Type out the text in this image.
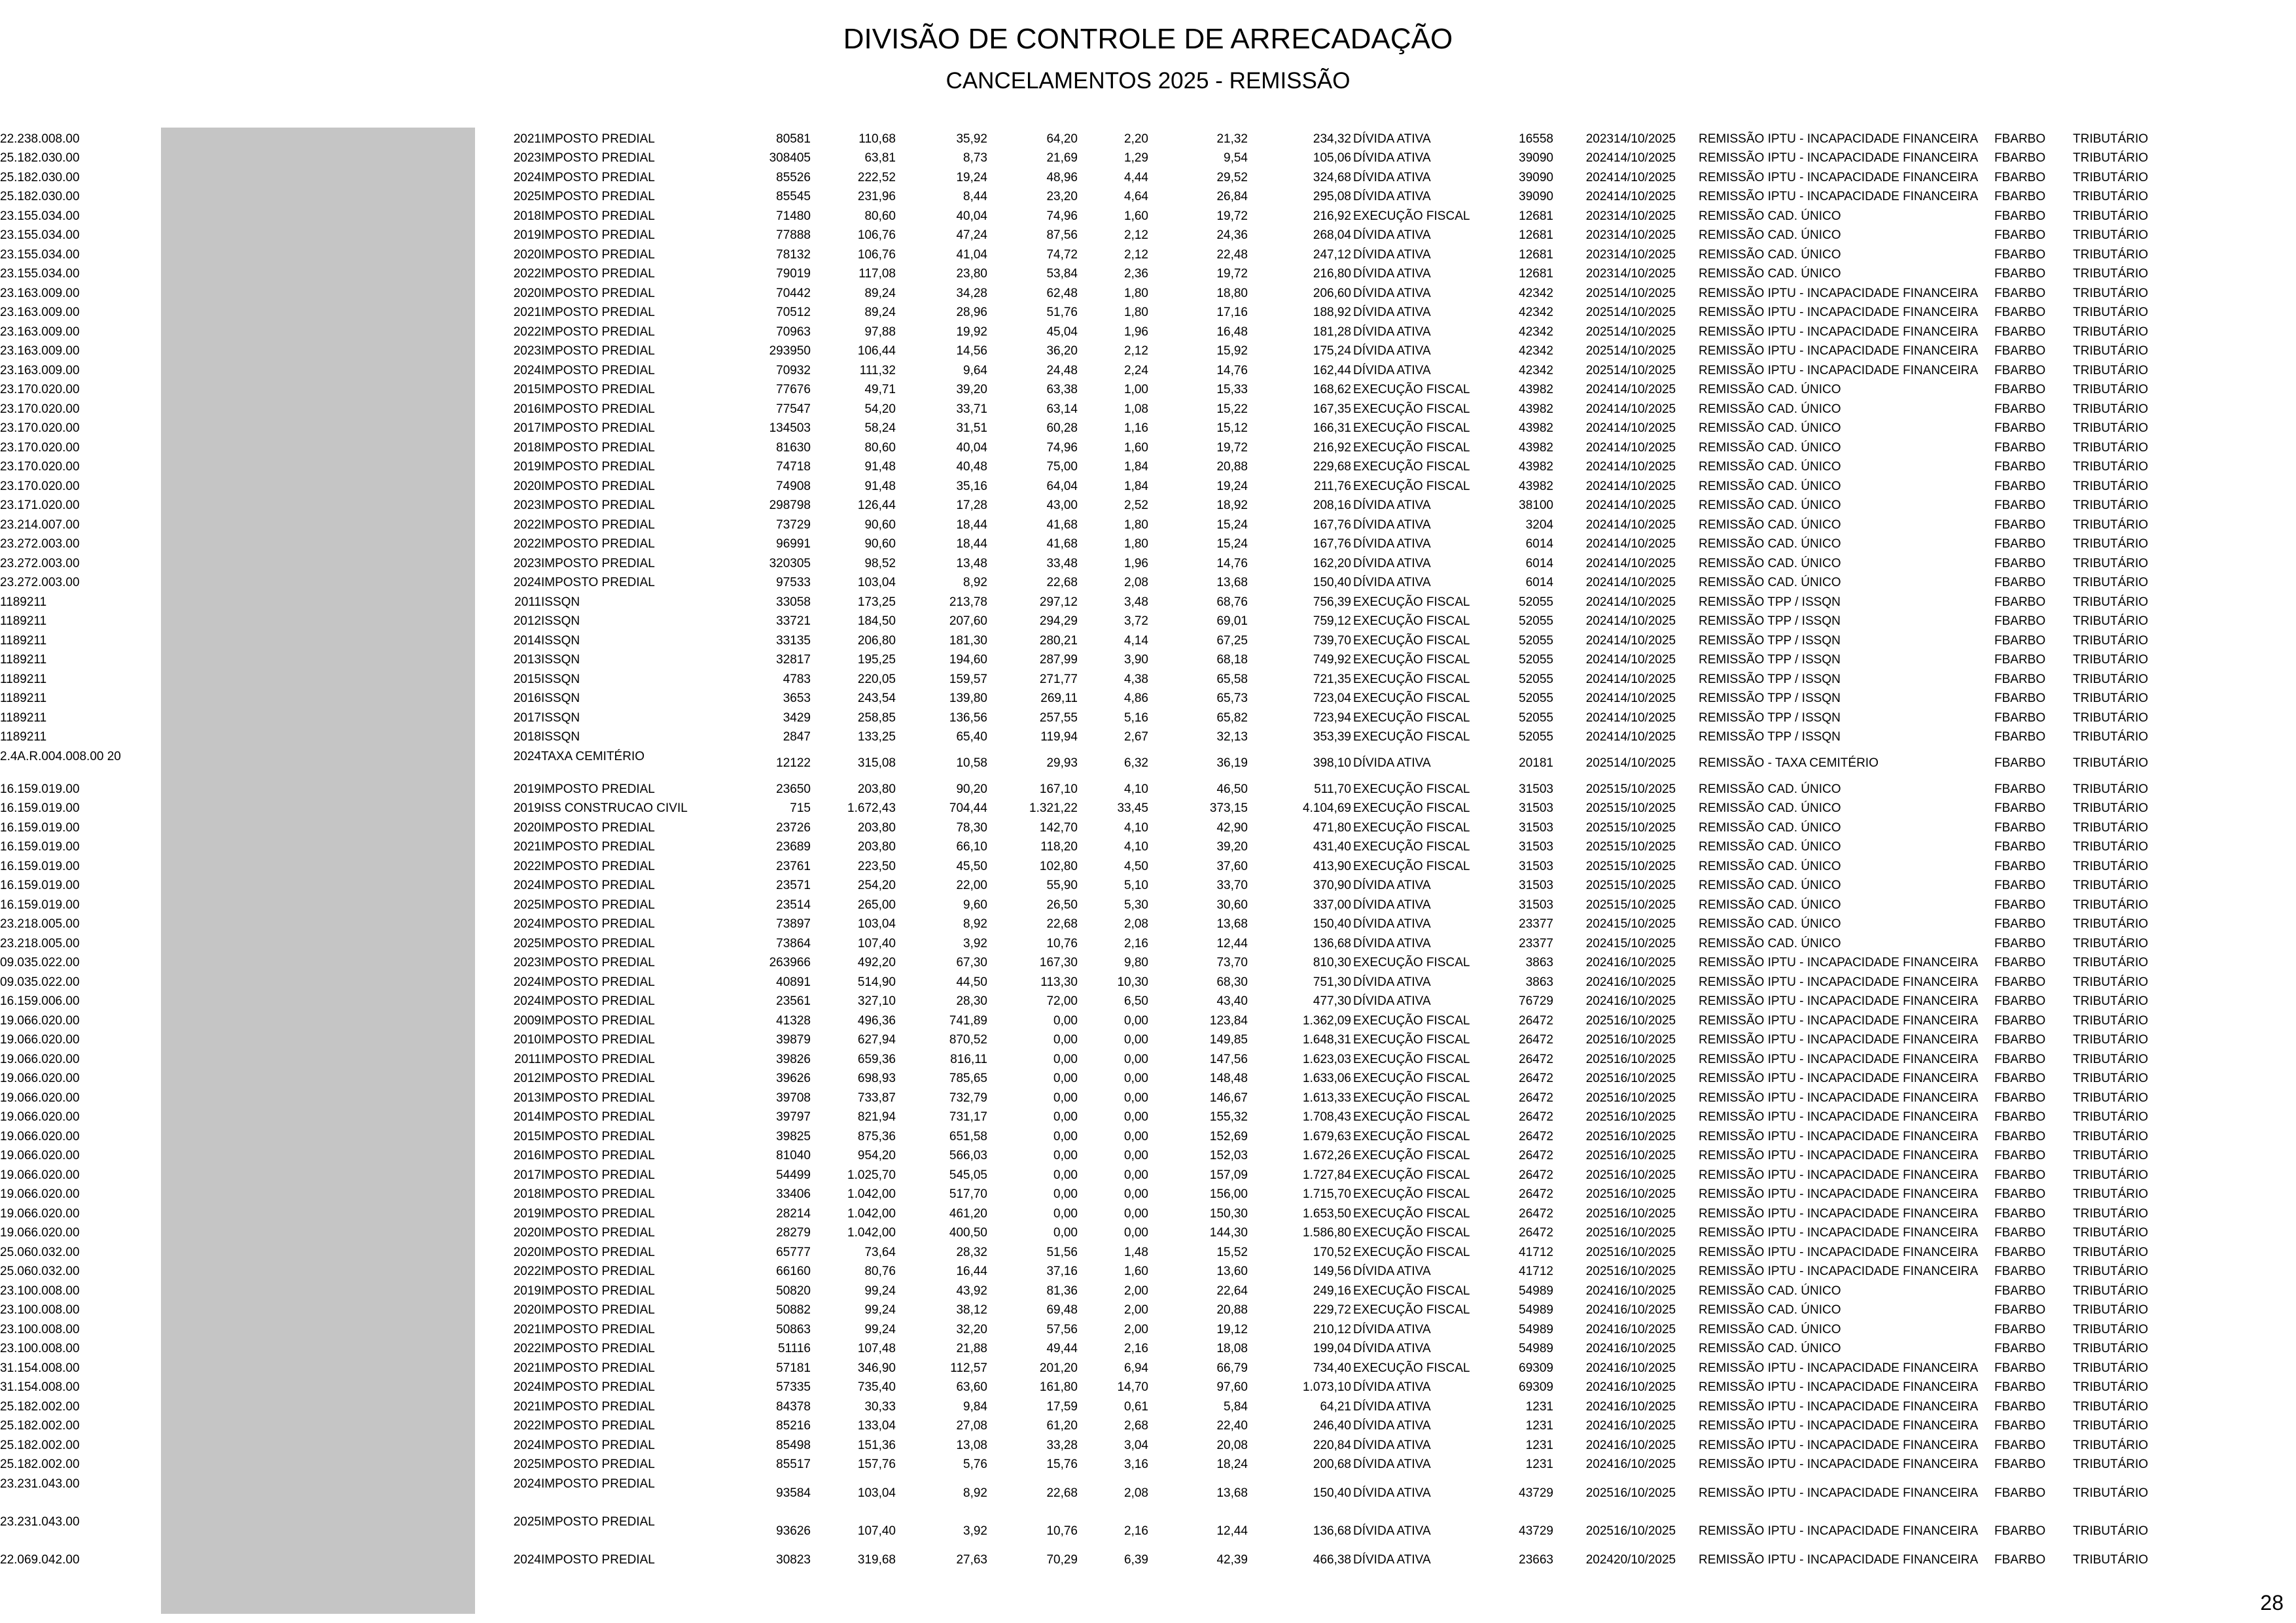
DIVISÃO DE CONTROLE DE ARRECADAÇÃO
CANCELAMENTOS 2025 - REMISSÃO
22.238.008.00		2021	IMPOSTO PREDIAL	80581	110,68	35,92	64,20	2,20	21,32	234,32	DÍVIDA ATIVA	16558	2023	14/10/2025	REMISSÃO IPTU - INCAPACIDADE FINANCEIRA	FBARBO	TRIBUTÁRIO
25.182.030.00		2023	IMPOSTO PREDIAL	308405	63,81	8,73	21,69	1,29	9,54	105,06	DÍVIDA ATIVA	39090	2024	14/10/2025	REMISSÃO IPTU - INCAPACIDADE FINANCEIRA	FBARBO	TRIBUTÁRIO
25.182.030.00		2024	IMPOSTO PREDIAL	85526	222,52	19,24	48,96	4,44	29,52	324,68	DÍVIDA ATIVA	39090	2024	14/10/2025	REMISSÃO IPTU - INCAPACIDADE FINANCEIRA	FBARBO	TRIBUTÁRIO
25.182.030.00		2025	IMPOSTO PREDIAL	85545	231,96	8,44	23,20	4,64	26,84	295,08	DÍVIDA ATIVA	39090	2024	14/10/2025	REMISSÃO IPTU - INCAPACIDADE FINANCEIRA	FBARBO	TRIBUTÁRIO
23.155.034.00		2018	IMPOSTO PREDIAL	71480	80,60	40,04	74,96	1,60	19,72	216,92	EXECUÇÃO FISCAL	12681	2023	14/10/2025	REMISSÃO CAD. ÚNICO	FBARBO	TRIBUTÁRIO
23.155.034.00		2019	IMPOSTO PREDIAL	77888	106,76	47,24	87,56	2,12	24,36	268,04	DÍVIDA ATIVA	12681	2023	14/10/2025	REMISSÃO CAD. ÚNICO	FBARBO	TRIBUTÁRIO
23.155.034.00		2020	IMPOSTO PREDIAL	78132	106,76	41,04	74,72	2,12	22,48	247,12	DÍVIDA ATIVA	12681	2023	14/10/2025	REMISSÃO CAD. ÚNICO	FBARBO	TRIBUTÁRIO
23.155.034.00		2022	IMPOSTO PREDIAL	79019	117,08	23,80	53,84	2,36	19,72	216,80	DÍVIDA ATIVA	12681	2023	14/10/2025	REMISSÃO CAD. ÚNICO	FBARBO	TRIBUTÁRIO
23.163.009.00		2020	IMPOSTO PREDIAL	70442	89,24	34,28	62,48	1,80	18,80	206,60	DÍVIDA ATIVA	42342	2025	14/10/2025	REMISSÃO IPTU - INCAPACIDADE FINANCEIRA	FBARBO	TRIBUTÁRIO
23.163.009.00		2021	IMPOSTO PREDIAL	70512	89,24	28,96	51,76	1,80	17,16	188,92	DÍVIDA ATIVA	42342	2025	14/10/2025	REMISSÃO IPTU - INCAPACIDADE FINANCEIRA	FBARBO	TRIBUTÁRIO
23.163.009.00		2022	IMPOSTO PREDIAL	70963	97,88	19,92	45,04	1,96	16,48	181,28	DÍVIDA ATIVA	42342	2025	14/10/2025	REMISSÃO IPTU - INCAPACIDADE FINANCEIRA	FBARBO	TRIBUTÁRIO
23.163.009.00		2023	IMPOSTO PREDIAL	293950	106,44	14,56	36,20	2,12	15,92	175,24	DÍVIDA ATIVA	42342	2025	14/10/2025	REMISSÃO IPTU - INCAPACIDADE FINANCEIRA	FBARBO	TRIBUTÁRIO
23.163.009.00		2024	IMPOSTO PREDIAL	70932	111,32	9,64	24,48	2,24	14,76	162,44	DÍVIDA ATIVA	42342	2025	14/10/2025	REMISSÃO IPTU - INCAPACIDADE FINANCEIRA	FBARBO	TRIBUTÁRIO
23.170.020.00		2015	IMPOSTO PREDIAL	77676	49,71	39,20	63,38	1,00	15,33	168,62	EXECUÇÃO FISCAL	43982	2024	14/10/2025	REMISSÃO CAD. ÚNICO	FBARBO	TRIBUTÁRIO
23.170.020.00		2016	IMPOSTO PREDIAL	77547	54,20	33,71	63,14	1,08	15,22	167,35	EXECUÇÃO FISCAL	43982	2024	14/10/2025	REMISSÃO CAD. ÚNICO	FBARBO	TRIBUTÁRIO
23.170.020.00		2017	IMPOSTO PREDIAL	134503	58,24	31,51	60,28	1,16	15,12	166,31	EXECUÇÃO FISCAL	43982	2024	14/10/2025	REMISSÃO CAD. ÚNICO	FBARBO	TRIBUTÁRIO
23.170.020.00		2018	IMPOSTO PREDIAL	81630	80,60	40,04	74,96	1,60	19,72	216,92	EXECUÇÃO FISCAL	43982	2024	14/10/2025	REMISSÃO CAD. ÚNICO	FBARBO	TRIBUTÁRIO
23.170.020.00		2019	IMPOSTO PREDIAL	74718	91,48	40,48	75,00	1,84	20,88	229,68	EXECUÇÃO FISCAL	43982	2024	14/10/2025	REMISSÃO CAD. ÚNICO	FBARBO	TRIBUTÁRIO
23.170.020.00		2020	IMPOSTO PREDIAL	74908	91,48	35,16	64,04	1,84	19,24	211,76	EXECUÇÃO FISCAL	43982	2024	14/10/2025	REMISSÃO CAD. ÚNICO	FBARBO	TRIBUTÁRIO
23.171.020.00		2023	IMPOSTO PREDIAL	298798	126,44	17,28	43,00	2,52	18,92	208,16	DÍVIDA ATIVA	38100	2024	14/10/2025	REMISSÃO CAD. ÚNICO	FBARBO	TRIBUTÁRIO
23.214.007.00		2022	IMPOSTO PREDIAL	73729	90,60	18,44	41,68	1,80	15,24	167,76	DÍVIDA ATIVA	3204	2024	14/10/2025	REMISSÃO CAD. ÚNICO	FBARBO	TRIBUTÁRIO
23.272.003.00		2022	IMPOSTO PREDIAL	96991	90,60	18,44	41,68	1,80	15,24	167,76	DÍVIDA ATIVA	6014	2024	14/10/2025	REMISSÃO CAD. ÚNICO	FBARBO	TRIBUTÁRIO
23.272.003.00		2023	IMPOSTO PREDIAL	320305	98,52	13,48	33,48	1,96	14,76	162,20	DÍVIDA ATIVA	6014	2024	14/10/2025	REMISSÃO CAD. ÚNICO	FBARBO	TRIBUTÁRIO
23.272.003.00		2024	IMPOSTO PREDIAL	97533	103,04	8,92	22,68	2,08	13,68	150,40	DÍVIDA ATIVA	6014	2024	14/10/2025	REMISSÃO CAD. ÚNICO	FBARBO	TRIBUTÁRIO
1189211		2011	ISSQN	33058	173,25	213,78	297,12	3,48	68,76	756,39	EXECUÇÃO FISCAL	52055	2024	14/10/2025	REMISSÃO TPP / ISSQN	FBARBO	TRIBUTÁRIO
1189211		2012	ISSQN	33721	184,50	207,60	294,29	3,72	69,01	759,12	EXECUÇÃO FISCAL	52055	2024	14/10/2025	REMISSÃO TPP / ISSQN	FBARBO	TRIBUTÁRIO
1189211		2014	ISSQN	33135	206,80	181,30	280,21	4,14	67,25	739,70	EXECUÇÃO FISCAL	52055	2024	14/10/2025	REMISSÃO TPP / ISSQN	FBARBO	TRIBUTÁRIO
1189211		2013	ISSQN	32817	195,25	194,60	287,99	3,90	68,18	749,92	EXECUÇÃO FISCAL	52055	2024	14/10/2025	REMISSÃO TPP / ISSQN	FBARBO	TRIBUTÁRIO
1189211		2015	ISSQN	4783	220,05	159,57	271,77	4,38	65,58	721,35	EXECUÇÃO FISCAL	52055	2024	14/10/2025	REMISSÃO TPP / ISSQN	FBARBO	TRIBUTÁRIO
1189211		2016	ISSQN	3653	243,54	139,80	269,11	4,86	65,73	723,04	EXECUÇÃO FISCAL	52055	2024	14/10/2025	REMISSÃO TPP / ISSQN	FBARBO	TRIBUTÁRIO
1189211		2017	ISSQN	3429	258,85	136,56	257,55	5,16	65,82	723,94	EXECUÇÃO FISCAL	52055	2024	14/10/2025	REMISSÃO TPP / ISSQN	FBARBO	TRIBUTÁRIO
1189211		2018	ISSQN	2847	133,25	65,40	119,94	2,67	32,13	353,39	EXECUÇÃO FISCAL	52055	2024	14/10/2025	REMISSÃO TPP / ISSQN	FBARBO	TRIBUTÁRIO
2.4A.R.004.008.00 20		2024	TAXA CEMITÉRIO	12122	315,08	10,58	29,93	6,32	36,19	398,10	DÍVIDA ATIVA	20181	2025	14/10/2025	REMISSÃO - TAXA CEMITÉRIO	FBARBO	TRIBUTÁRIO
16.159.019.00		2019	IMPOSTO PREDIAL	23650	203,80	90,20	167,10	4,10	46,50	511,70	EXECUÇÃO FISCAL	31503	2025	15/10/2025	REMISSÃO CAD. ÚNICO	FBARBO	TRIBUTÁRIO
16.159.019.00		2019	ISS CONSTRUCAO CIVIL	715	1.672,43	704,44	1.321,22	33,45	373,15	4.104,69	EXECUÇÃO FISCAL	31503	2025	15/10/2025	REMISSÃO CAD. ÚNICO	FBARBO	TRIBUTÁRIO
16.159.019.00		2020	IMPOSTO PREDIAL	23726	203,80	78,30	142,70	4,10	42,90	471,80	EXECUÇÃO FISCAL	31503	2025	15/10/2025	REMISSÃO CAD. ÚNICO	FBARBO	TRIBUTÁRIO
16.159.019.00		2021	IMPOSTO PREDIAL	23689	203,80	66,10	118,20	4,10	39,20	431,40	EXECUÇÃO FISCAL	31503	2025	15/10/2025	REMISSÃO CAD. ÚNICO	FBARBO	TRIBUTÁRIO
16.159.019.00		2022	IMPOSTO PREDIAL	23761	223,50	45,50	102,80	4,50	37,60	413,90	EXECUÇÃO FISCAL	31503	2025	15/10/2025	REMISSÃO CAD. ÚNICO	FBARBO	TRIBUTÁRIO
16.159.019.00		2024	IMPOSTO PREDIAL	23571	254,20	22,00	55,90	5,10	33,70	370,90	DÍVIDA ATIVA	31503	2025	15/10/2025	REMISSÃO CAD. ÚNICO	FBARBO	TRIBUTÁRIO
16.159.019.00		2025	IMPOSTO PREDIAL	23514	265,00	9,60	26,50	5,30	30,60	337,00	DÍVIDA ATIVA	31503	2025	15/10/2025	REMISSÃO CAD. ÚNICO	FBARBO	TRIBUTÁRIO
23.218.005.00		2024	IMPOSTO PREDIAL	73897	103,04	8,92	22,68	2,08	13,68	150,40	DÍVIDA ATIVA	23377	2024	15/10/2025	REMISSÃO CAD. ÚNICO	FBARBO	TRIBUTÁRIO
23.218.005.00		2025	IMPOSTO PREDIAL	73864	107,40	3,92	10,76	2,16	12,44	136,68	DÍVIDA ATIVA	23377	2024	15/10/2025	REMISSÃO CAD. ÚNICO	FBARBO	TRIBUTÁRIO
09.035.022.00		2023	IMPOSTO PREDIAL	263966	492,20	67,30	167,30	9,80	73,70	810,30	EXECUÇÃO FISCAL	3863	2024	16/10/2025	REMISSÃO IPTU - INCAPACIDADE FINANCEIRA	FBARBO	TRIBUTÁRIO
09.035.022.00		2024	IMPOSTO PREDIAL	40891	514,90	44,50	113,30	10,30	68,30	751,30	DÍVIDA ATIVA	3863	2024	16/10/2025	REMISSÃO IPTU - INCAPACIDADE FINANCEIRA	FBARBO	TRIBUTÁRIO
16.159.006.00		2024	IMPOSTO PREDIAL	23561	327,10	28,30	72,00	6,50	43,40	477,30	DÍVIDA ATIVA	76729	2024	16/10/2025	REMISSÃO IPTU - INCAPACIDADE FINANCEIRA	FBARBO	TRIBUTÁRIO
19.066.020.00		2009	IMPOSTO PREDIAL	41328	496,36	741,89	0,00	0,00	123,84	1.362,09	EXECUÇÃO FISCAL	26472	2025	16/10/2025	REMISSÃO IPTU - INCAPACIDADE FINANCEIRA	FBARBO	TRIBUTÁRIO
19.066.020.00		2010	IMPOSTO PREDIAL	39879	627,94	870,52	0,00	0,00	149,85	1.648,31	EXECUÇÃO FISCAL	26472	2025	16/10/2025	REMISSÃO IPTU - INCAPACIDADE FINANCEIRA	FBARBO	TRIBUTÁRIO
19.066.020.00		2011	IMPOSTO PREDIAL	39826	659,36	816,11	0,00	0,00	147,56	1.623,03	EXECUÇÃO FISCAL	26472	2025	16/10/2025	REMISSÃO IPTU - INCAPACIDADE FINANCEIRA	FBARBO	TRIBUTÁRIO
19.066.020.00		2012	IMPOSTO PREDIAL	39626	698,93	785,65	0,00	0,00	148,48	1.633,06	EXECUÇÃO FISCAL	26472	2025	16/10/2025	REMISSÃO IPTU - INCAPACIDADE FINANCEIRA	FBARBO	TRIBUTÁRIO
19.066.020.00		2013	IMPOSTO PREDIAL	39708	733,87	732,79	0,00	0,00	146,67	1.613,33	EXECUÇÃO FISCAL	26472	2025	16/10/2025	REMISSÃO IPTU - INCAPACIDADE FINANCEIRA	FBARBO	TRIBUTÁRIO
19.066.020.00		2014	IMPOSTO PREDIAL	39797	821,94	731,17	0,00	0,00	155,32	1.708,43	EXECUÇÃO FISCAL	26472	2025	16/10/2025	REMISSÃO IPTU - INCAPACIDADE FINANCEIRA	FBARBO	TRIBUTÁRIO
19.066.020.00		2015	IMPOSTO PREDIAL	39825	875,36	651,58	0,00	0,00	152,69	1.679,63	EXECUÇÃO FISCAL	26472	2025	16/10/2025	REMISSÃO IPTU - INCAPACIDADE FINANCEIRA	FBARBO	TRIBUTÁRIO
19.066.020.00		2016	IMPOSTO PREDIAL	81040	954,20	566,03	0,00	0,00	152,03	1.672,26	EXECUÇÃO FISCAL	26472	2025	16/10/2025	REMISSÃO IPTU - INCAPACIDADE FINANCEIRA	FBARBO	TRIBUTÁRIO
19.066.020.00		2017	IMPOSTO PREDIAL	54499	1.025,70	545,05	0,00	0,00	157,09	1.727,84	EXECUÇÃO FISCAL	26472	2025	16/10/2025	REMISSÃO IPTU - INCAPACIDADE FINANCEIRA	FBARBO	TRIBUTÁRIO
19.066.020.00		2018	IMPOSTO PREDIAL	33406	1.042,00	517,70	0,00	0,00	156,00	1.715,70	EXECUÇÃO FISCAL	26472	2025	16/10/2025	REMISSÃO IPTU - INCAPACIDADE FINANCEIRA	FBARBO	TRIBUTÁRIO
19.066.020.00		2019	IMPOSTO PREDIAL	28214	1.042,00	461,20	0,00	0,00	150,30	1.653,50	EXECUÇÃO FISCAL	26472	2025	16/10/2025	REMISSÃO IPTU - INCAPACIDADE FINANCEIRA	FBARBO	TRIBUTÁRIO
19.066.020.00		2020	IMPOSTO PREDIAL	28279	1.042,00	400,50	0,00	0,00	144,30	1.586,80	EXECUÇÃO FISCAL	26472	2025	16/10/2025	REMISSÃO IPTU - INCAPACIDADE FINANCEIRA	FBARBO	TRIBUTÁRIO
25.060.032.00		2020	IMPOSTO PREDIAL	65777	73,64	28,32	51,56	1,48	15,52	170,52	EXECUÇÃO FISCAL	41712	2025	16/10/2025	REMISSÃO IPTU - INCAPACIDADE FINANCEIRA	FBARBO	TRIBUTÁRIO
25.060.032.00		2022	IMPOSTO PREDIAL	66160	80,76	16,44	37,16	1,60	13,60	149,56	DÍVIDA ATIVA	41712	2025	16/10/2025	REMISSÃO IPTU - INCAPACIDADE FINANCEIRA	FBARBO	TRIBUTÁRIO
23.100.008.00		2019	IMPOSTO PREDIAL	50820	99,24	43,92	81,36	2,00	22,64	249,16	EXECUÇÃO FISCAL	54989	2024	16/10/2025	REMISSÃO CAD. ÚNICO	FBARBO	TRIBUTÁRIO
23.100.008.00		2020	IMPOSTO PREDIAL	50882	99,24	38,12	69,48	2,00	20,88	229,72	EXECUÇÃO FISCAL	54989	2024	16/10/2025	REMISSÃO CAD. ÚNICO	FBARBO	TRIBUTÁRIO
23.100.008.00		2021	IMPOSTO PREDIAL	50863	99,24	32,20	57,56	2,00	19,12	210,12	DÍVIDA ATIVA	54989	2024	16/10/2025	REMISSÃO CAD. ÚNICO	FBARBO	TRIBUTÁRIO
23.100.008.00		2022	IMPOSTO PREDIAL	51116	107,48	21,88	49,44	2,16	18,08	199,04	DÍVIDA ATIVA	54989	2024	16/10/2025	REMISSÃO CAD. ÚNICO	FBARBO	TRIBUTÁRIO
31.154.008.00		2021	IMPOSTO PREDIAL	57181	346,90	112,57	201,20	6,94	66,79	734,40	EXECUÇÃO FISCAL	69309	2024	16/10/2025	REMISSÃO IPTU - INCAPACIDADE FINANCEIRA	FBARBO	TRIBUTÁRIO
31.154.008.00		2024	IMPOSTO PREDIAL	57335	735,40	63,60	161,80	14,70	97,60	1.073,10	DÍVIDA ATIVA	69309	2024	16/10/2025	REMISSÃO IPTU - INCAPACIDADE FINANCEIRA	FBARBO	TRIBUTÁRIO
25.182.002.00		2021	IMPOSTO PREDIAL	84378	30,33	9,84	17,59	0,61	5,84	64,21	DÍVIDA ATIVA	1231	2024	16/10/2025	REMISSÃO IPTU - INCAPACIDADE FINANCEIRA	FBARBO	TRIBUTÁRIO
25.182.002.00		2022	IMPOSTO PREDIAL	85216	133,04	27,08	61,20	2,68	22,40	246,40	DÍVIDA ATIVA	1231	2024	16/10/2025	REMISSÃO IPTU - INCAPACIDADE FINANCEIRA	FBARBO	TRIBUTÁRIO
25.182.002.00		2024	IMPOSTO PREDIAL	85498	151,36	13,08	33,28	3,04	20,08	220,84	DÍVIDA ATIVA	1231	2024	16/10/2025	REMISSÃO IPTU - INCAPACIDADE FINANCEIRA	FBARBO	TRIBUTÁRIO
25.182.002.00		2025	IMPOSTO PREDIAL	85517	157,76	5,76	15,76	3,16	18,24	200,68	DÍVIDA ATIVA	1231	2024	16/10/2025	REMISSÃO IPTU - INCAPACIDADE FINANCEIRA	FBARBO	TRIBUTÁRIO
23.231.043.00		2024	IMPOSTO PREDIAL	93584	103,04	8,92	22,68	2,08	13,68	150,40	DÍVIDA ATIVA	43729	2025	16/10/2025	REMISSÃO IPTU - INCAPACIDADE FINANCEIRA	FBARBO	TRIBUTÁRIO
23.231.043.00		2025	IMPOSTO PREDIAL	93626	107,40	3,92	10,76	2,16	12,44	136,68	DÍVIDA ATIVA	43729	2025	16/10/2025	REMISSÃO IPTU - INCAPACIDADE FINANCEIRA	FBARBO	TRIBUTÁRIO
22.069.042.00		2024	IMPOSTO PREDIAL	30823	319,68	27,63	70,29	6,39	42,39	466,38	DÍVIDA ATIVA	23663	2024	20/10/2025	REMISSÃO IPTU - INCAPACIDADE FINANCEIRA	FBARBO	TRIBUTÁRIO
28
